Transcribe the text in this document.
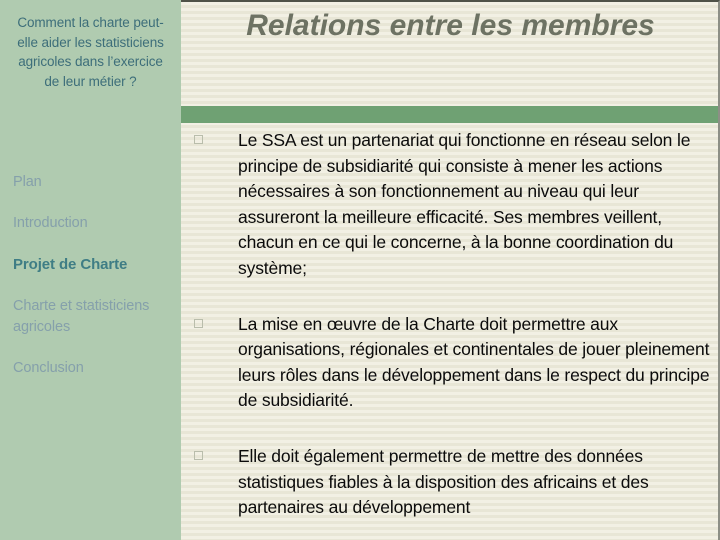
Relations entre les membres
Le SSA est un partenariat qui fonctionne en réseau selon le principe de subsidiarité qui consiste à mener les actions nécessaires à son fonctionnement au niveau qui leur assureront la meilleure efficacité. Ses membres veillent, chacun en ce qui le concerne, à la bonne coordination du système;
La mise en œuvre de la Charte doit permettre aux organisations, régionales et continentales de jouer pleinement leurs rôles dans le développement dans le respect du principe de subsidiarité.
Elle doit également permettre de mettre des données statistiques fiables à la disposition des africains et des partenaires au développement
Comment la charte peut-elle aider les statisticiens agricoles dans l’exercice de leur métier ?
Plan
Introduction
Projet de Charte
Charte et statisticiens agricoles
Conclusion
